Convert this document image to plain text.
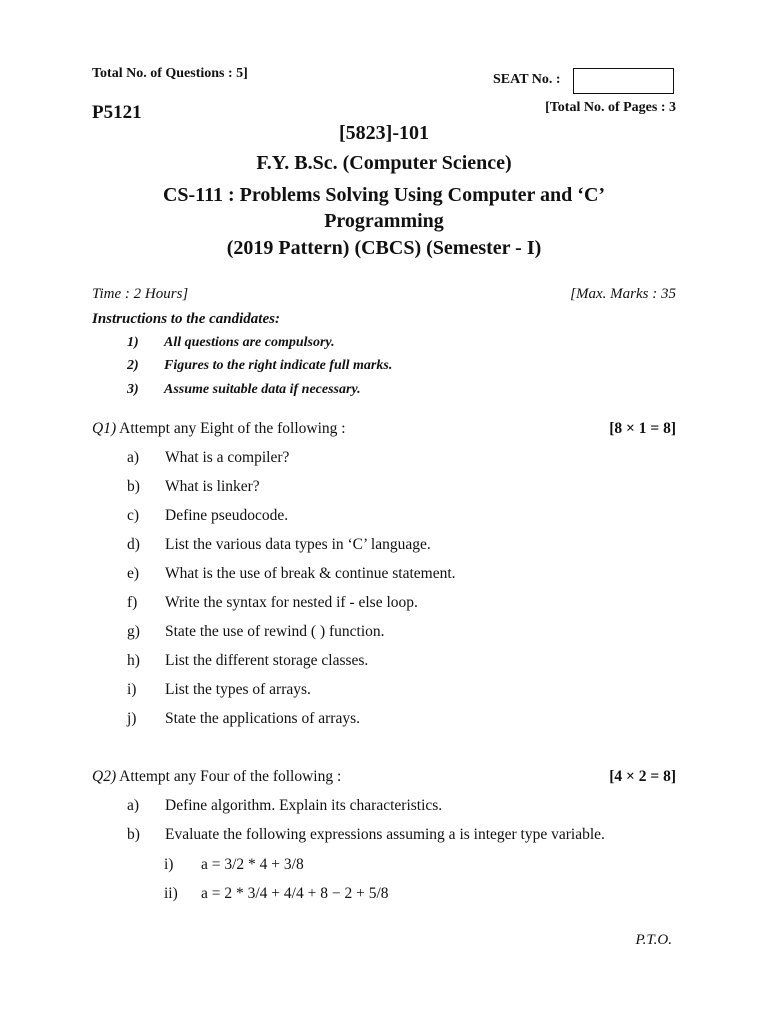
Total No. of Questions : 5]	SEAT No. :
P5121	[Total No. of Pages : 3
[5823]-101
F.Y. B.Sc. (Computer Science)
CS-111 : Problems Solving Using Computer and ‘C’
Programming
(2019 Pattern) (CBCS) (Semester - I)
Time : 2 Hours]	[Max. Marks : 35
Instructions to the candidates:
1) All questions are compulsory.
2) Figures to the right indicate full marks.
3) Assume suitable data if necessary.
Q1) Attempt any Eight of the following :	[8 × 1 = 8]
a) What is a compiler?
b) What is linker?
c) Define pseudocode.
d) List the various data types in ‘C’ language.
e) What is the use of break & continue statement.
f) Write the syntax for nested if - else loop.
g) State the use of rewind ( ) function.
h) List the different storage classes.
i) List the types of arrays.
j) State the applications of arrays.
Q2) Attempt any Four of the following :	[4 × 2 = 8]
a) Define algorithm. Explain its characteristics.
b) Evaluate the following expressions assuming a is integer type variable.
i) a = 3/2 * 4 + 3/8
ii) a = 2 * 3/4 + 4/4 + 8 − 2 + 5/8
P.T.O.
